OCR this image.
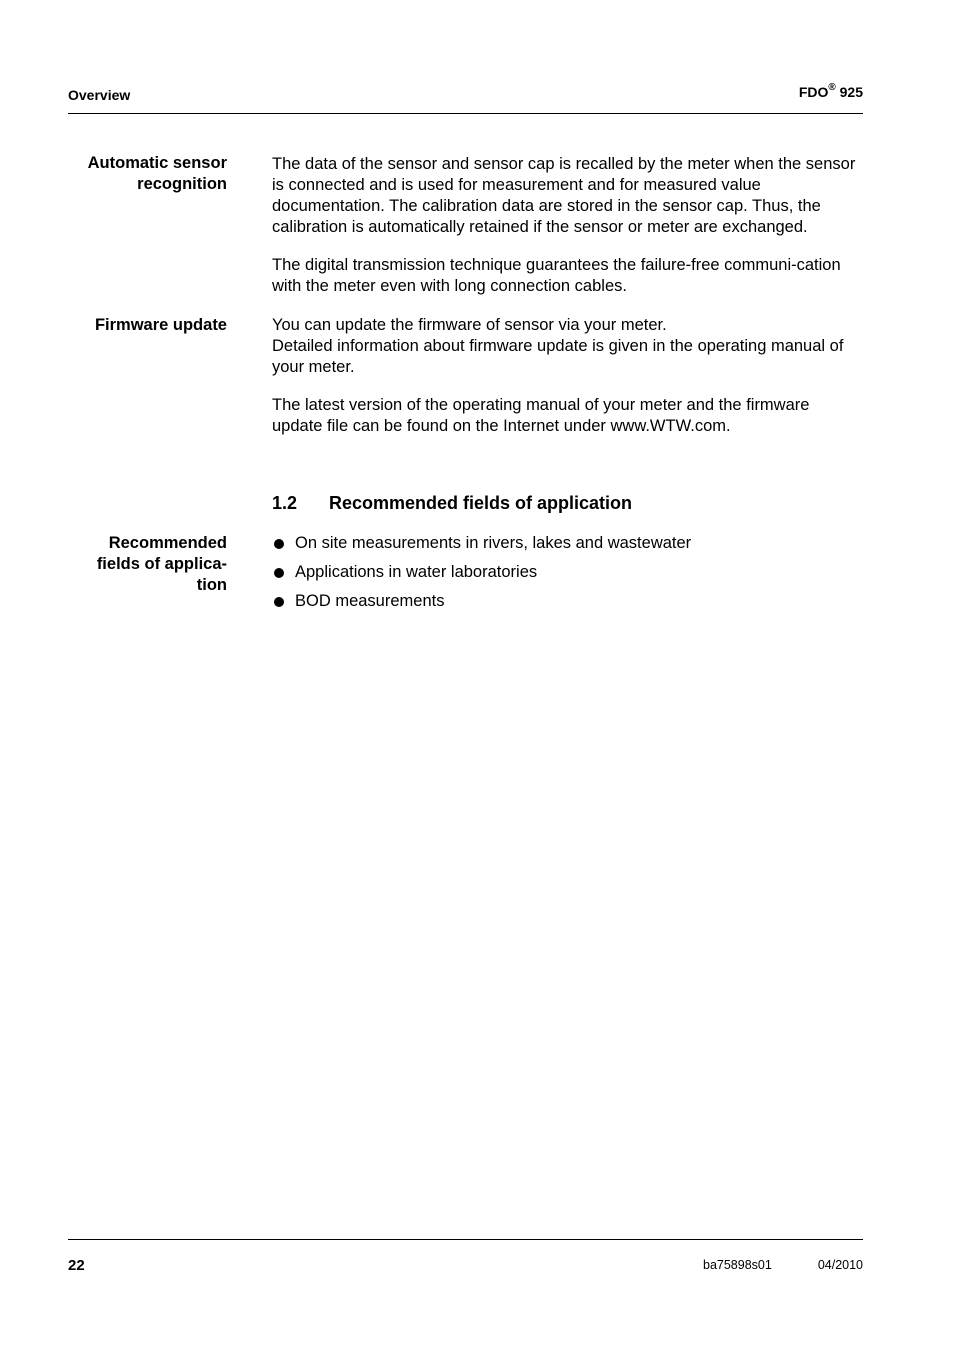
Overview	FDO® 925
Automatic sensor recognition

The data of the sensor and sensor cap is recalled by the meter when the sensor is connected and is used for measurement and for measured value documentation. The calibration data are stored in the sensor cap. Thus, the calibration is automatically retained if the sensor or meter are exchanged.

The digital transmission technique guarantees the failure-free communi-cation with the meter even with long connection cables.

Firmware update	You can update the firmware of sensor via your meter.

Detailed information about firmware update is given in the operating manual of your meter.

The latest version of the operating manual of your meter and the firmware update file can be found on the Internet under www.WTW.com.

1.2 Recommended fields of application
Recommended fields of applica-tion
On site measurements in rivers, lakes and wastewater
Applications in water laboratories
BOD measurements
22	ba75898s01	04/2010
